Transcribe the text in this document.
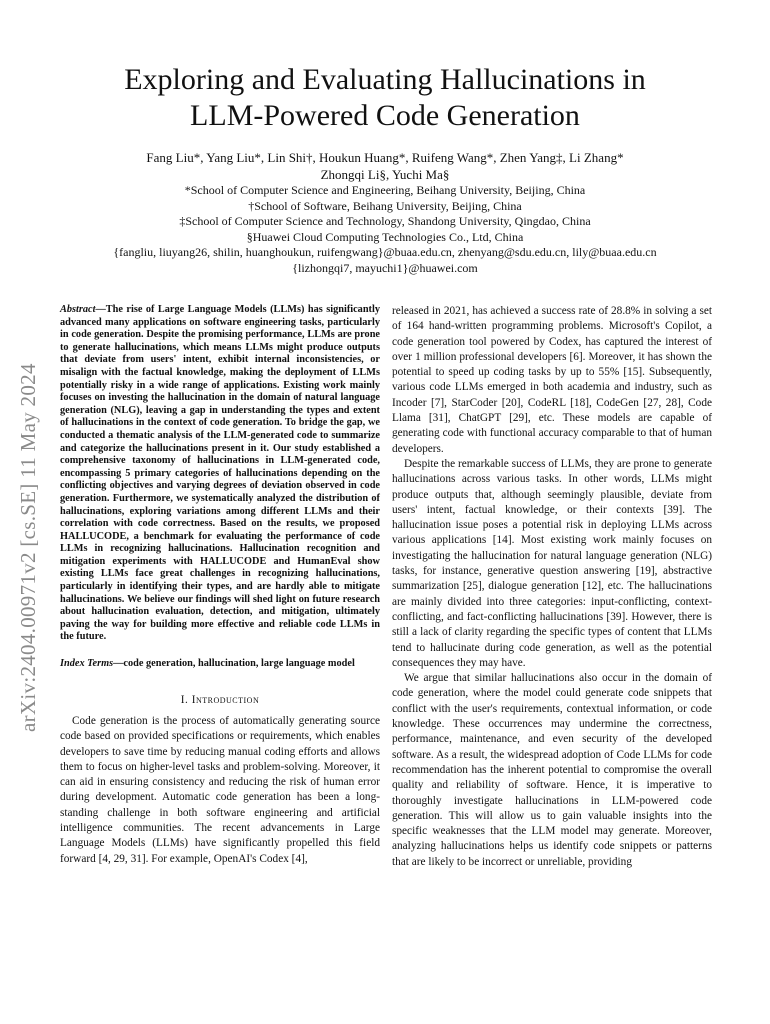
arXiv:2404.00971v2 [cs.SE] 11 May 2024
Exploring and Evaluating Hallucinations in
LLM-Powered Code Generation
Fang Liu*, Yang Liu*, Lin Shi†, Houkun Huang*, Ruifeng Wang*, Zhen Yang‡, Li Zhang*
Zhongqi Li§, Yuchi Ma§
*School of Computer Science and Engineering, Beihang University, Beijing, China
†School of Software, Beihang University, Beijing, China
‡School of Computer Science and Technology, Shandong University, Qingdao, China
§Huawei Cloud Computing Technologies Co., Ltd, China
{fangliu, liuyang26, shilin, huanghoukun, ruifengwang}@buaa.edu.cn, zhenyang@sdu.edu.cn, lily@buaa.edu.cn
{lizhongqi7, mayuchi1}@huawei.com

Abstract—The rise of Large Language Models (LLMs) has significantly advanced many applications on software engineering tasks, particularly in code generation. Despite the promising performance, LLMs are prone to generate hallucinations, which means LLMs might produce outputs that deviate from users' intent, exhibit internal inconsistencies, or misalign with the factual knowledge, making the deployment of LLMs potentially risky in a wide range of applications. Existing work mainly focuses on investing the hallucination in the domain of natural language generation (NLG), leaving a gap in understanding the types and extent of hallucinations in the context of code generation. To bridge the gap, we conducted a thematic analysis of the LLM-generated code to summarize and categorize the hallucinations present in it. Our study established a comprehensive taxonomy of hallucinations in LLM-generated code, encompassing 5 primary categories of hallucinations depending on the conflicting objectives and varying degrees of deviation observed in code generation. Furthermore, we systematically analyzed the distribution of hallucinations, exploring variations among different LLMs and their correlation with code correctness. Based on the results, we proposed HALLUCODE, a benchmark for evaluating the performance of code LLMs in recognizing hallucinations. Hallucination recognition and mitigation experiments with HALLUCODE and HumanEval show existing LLMs face great challenges in recognizing hallucinations, particularly in identifying their types, and are hardly able to mitigate hallucinations. We believe our findings will shed light on future research about hallucination evaluation, detection, and mitigation, ultimately paving the way for building more effective and reliable code LLMs in the future.

Index Terms—code generation, hallucination, large language model

I. Introduction

Code generation is the process of automatically generating source code based on provided specifications or requirements, which enables developers to save time by reducing manual coding efforts and allows them to focus on higher-level tasks and problem-solving. Moreover, it can aid in ensuring consistency and reducing the risk of human error during development. Automatic code generation has been a long-standing challenge in both software engineering and artificial intelligence communities. The recent advancements in Large Language Models (LLMs) have significantly propelled this field forward [4, 29, 31]. For example, OpenAI's Codex [4],

released in 2021, has achieved a success rate of 28.8% in solving a set of 164 hand-written programming problems. Microsoft's Copilot, a code generation tool powered by Codex, has captured the interest of over 1 million professional developers [6]. Moreover, it has shown the potential to speed up coding tasks by up to 55% [15]. Subsequently, various code LLMs emerged in both academia and industry, such as Incoder [7], StarCoder [20], CodeRL [18], CodeGen [27, 28], Code Llama [31], ChatGPT [29], etc. These models are capable of generating code with functional accuracy comparable to that of human developers.

Despite the remarkable success of LLMs, they are prone to generate hallucinations across various tasks. In other words, LLMs might produce outputs that, although seemingly plausible, deviate from users' intent, factual knowledge, or their contexts [39]. The hallucination issue poses a potential risk in deploying LLMs across various applications [14]. Most existing work mainly focuses on investigating the hallucination for natural language generation (NLG) tasks, for instance, generative question answering [19], abstractive summarization [25], dialogue generation [12], etc. The hallucinations are mainly divided into three categories: input-conflicting, context-conflicting, and fact-conflicting hallucinations [39]. However, there is still a lack of clarity regarding the specific types of content that LLMs tend to hallucinate during code generation, as well as the potential consequences they may have.

We argue that similar hallucinations also occur in the domain of code generation, where the model could generate code snippets that conflict with the user's requirements, contextual information, or code knowledge. These occurrences may undermine the correctness, performance, maintenance, and even security of the developed software. As a result, the widespread adoption of Code LLMs for code recommendation has the inherent potential to compromise the overall quality and reliability of software. Hence, it is imperative to thoroughly investigate hallucinations in LLM-powered code generation. This will allow us to gain valuable insights into the specific weaknesses that the LLM model may generate. Moreover, analyzing hallucinations helps us identify code snippets or patterns that are likely to be incorrect or unreliable, providing
